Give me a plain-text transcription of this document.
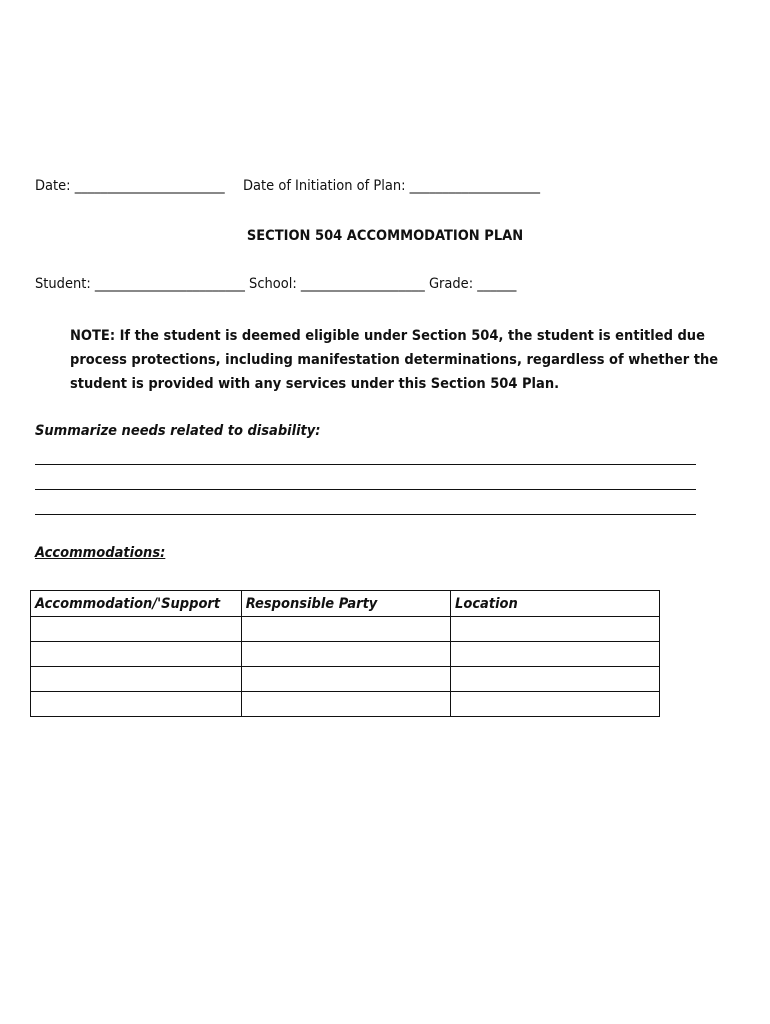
Date: _______________________ Date of Initiation of Plan: ____________________
SECTION 504 ACCOMMODATION PLAN
Student: _______________________ School: ___________________ Grade: ______
NOTE: If the student is deemed eligible under Section 504, the student is entitled due process protections, including manifestation determinations, regardless of whether the student is provided with any services under this Section 504 Plan.
Summarize needs related to disability:
Accommodations:
Accommodation/'Support	Responsible Party	Location
